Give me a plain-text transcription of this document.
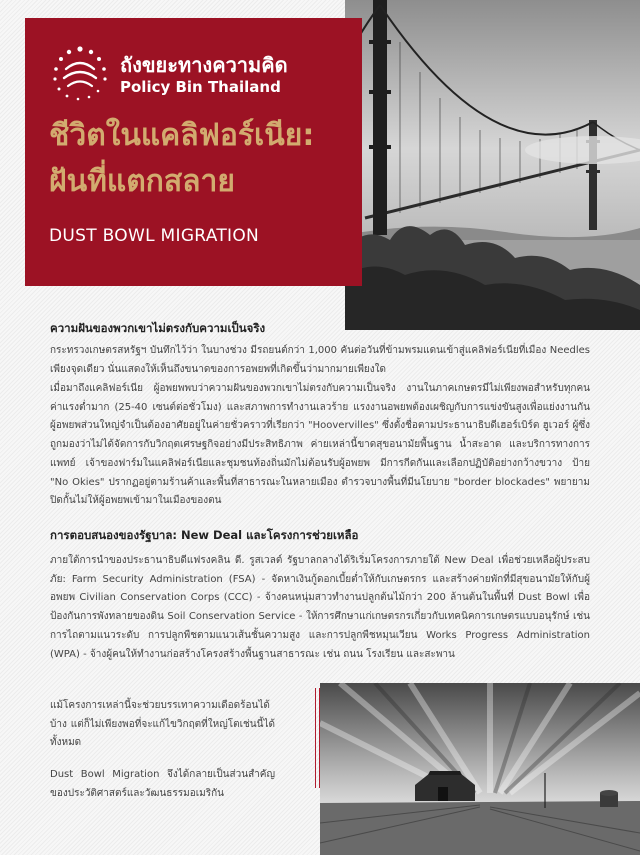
ถังขยะทางความคิด
Policy Bin Thailand
ชีวิตในแคลิฟอร์เนีย:
ฝันที่แตกสลาย
DUST BOWL MIGRATION
ความฝันของพวกเขาไม่ตรงกับความเป็นจริง
กระทรวงเกษตรสหรัฐฯ บันทึกไว้ว่า ในบางช่วง มีรถยนต์กว่า 1,000 คันต่อวันที่ข้ามพรมแดนเข้าสู่แคลิฟอร์เนียที่เมือง Needles เพียงจุดเดียว นั่นแสดงให้เห็นถึงขนาดของการอพยพที่เกิดขึ้นว่ามากมายเพียงใด
เมื่อมาถึงแคลิฟอร์เนีย ผู้อพยพพบว่าความฝันของพวกเขาไม่ตรงกับความเป็นจริง งานในภาคเกษตรมีไม่เพียงพอสำหรับทุกคน ค่าแรงต่ำมาก (25-40 เซนต์ต่อชั่วโมง) และสภาพการทำงานเลวร้าย แรงงานอพยพต้องเผชิญกับการแข่งขันสูงเพื่อแย่งงานกัน ผู้อพยพส่วนใหญ่จำเป็นต้องอาศัยอยู่ในค่ายชั่วคราวที่เรียกว่า "Hoovervilles" ซึ่งตั้งชื่อตามประธานาธิบดีเฮอร์เบิร์ต ฮูเวอร์ ผู้ซึ่งถูกมองว่าไม่ได้จัดการกับวิกฤตเศรษฐกิจอย่างมีประสิทธิภาพ ค่ายเหล่านี้ขาดสุขอนามัยพื้นฐาน น้ำสะอาด และบริการทางการแพทย์ เจ้าของฟาร์มในแคลิฟอร์เนียและชุมชนท้องถิ่นมักไม่ต้อนรับผู้อพยพ มีการกีดกันและเลือกปฏิบัติอย่างกว้างขวาง ป้าย "No Okies" ปรากฏอยู่ตามร้านค้าและพื้นที่สาธารณะในหลายเมือง ตำรวจบางพื้นที่มีนโยบาย "border blockades" พยายามปิดกั้นไม่ให้ผู้อพยพเข้ามาในเมืองของตน
การตอบสนองของรัฐบาล: New Deal และโครงการช่วยเหลือ
ภายใต้การนำของประธานาธิบดีแฟรงคลิน ดี. รูสเวลต์ รัฐบาลกลางได้ริเริ่มโครงการภายใต้ New Deal เพื่อช่วยเหลือผู้ประสบภัย: Farm Security Administration (FSA) - จัดหาเงินกู้ดอกเบี้ยต่ำให้กับเกษตรกร และสร้างค่ายพักที่มีสุขอนามัยให้กับผู้อพยพ Civilian Conservation Corps (CCC) - จ้างคนหนุ่มสาวทำงานปลูกต้นไม้กว่า 200 ล้านต้นในพื้นที่ Dust Bowl เพื่อป้องกันการพังทลายของดิน Soil Conservation Service - ให้การศึกษาแก่เกษตรกรเกี่ยวกับเทคนิคการเกษตรแบบอนุรักษ์ เช่น การไถตามแนวระดับ การปลูกพืชตามแนวเส้นชั้นความสูง และการปลูกพืชหมุนเวียน Works Progress Administration (WPA) - จ้างผู้คนให้ทำงานก่อสร้างโครงสร้างพื้นฐานสาธารณะ เช่น ถนน โรงเรียน และสะพาน
แม้โครงการเหล่านี้จะช่วยบรรเทาความเดือดร้อนได้บ้าง แต่ก็ไม่เพียงพอที่จะแก้ไขวิกฤตที่ใหญ่โตเช่นนี้ได้ทั้งหมด
Dust Bowl Migration จึงได้กลายเป็นส่วนสำคัญของประวัติศาสตร์และวัฒนธรรมอเมริกัน
